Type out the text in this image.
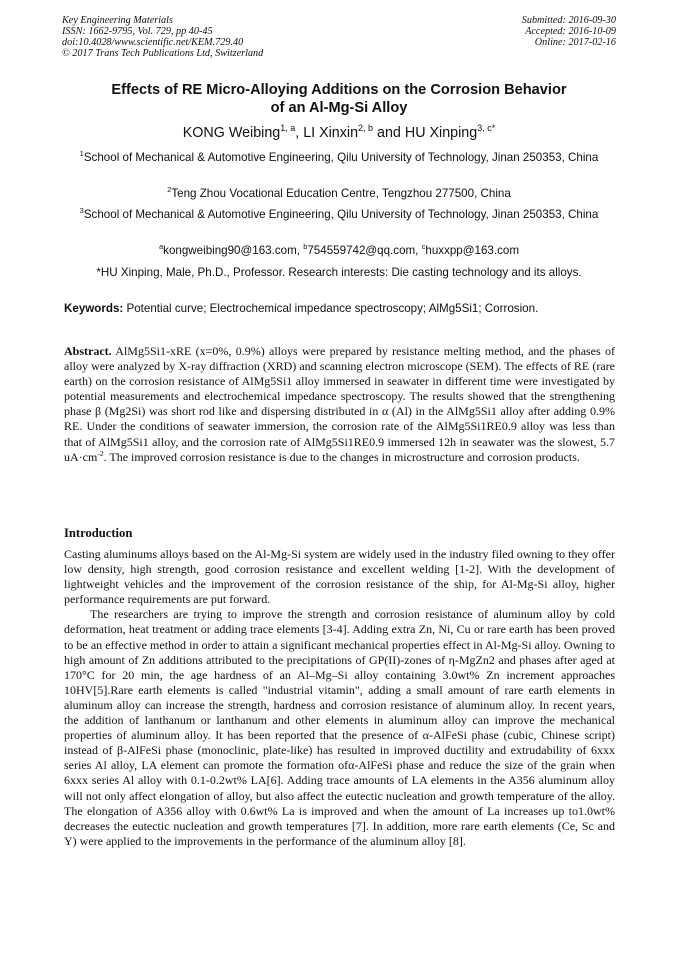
Key Engineering Materials
ISSN: 1662-9795, Vol. 729, pp 40-45
doi:10.4028/www.scientific.net/KEM.729.40
© 2017 Trans Tech Publications Ltd, Switzerland
Submitted: 2016-09-30
Accepted: 2016-10-09
Online: 2017-02-16
Effects of RE Micro-Alloying Additions on the Corrosion Behavior
of an Al-Mg-Si Alloy
KONG Weibing$^{1, a}$, LI Xinxin$^{2, b}$ and HU Xinping$^{3, c*}$
$^1$School of Mechanical & Automotive Engineering, Qilu University of Technology, Jinan 250353, China
$^2$Teng Zhou Vocational Education Centre, Tengzhou 277500, China
$^3$School of Mechanical & Automotive Engineering, Qilu University of Technology, Jinan 250353, China
$^a$kongweibing90@163.com, $^b$754559742@qq.com, $^c$huxxpp@163.com
*HU Xinping, Male, Ph.D., Professor. Research interests: Die casting technology and its alloys.
Keywords: Potential curve; Electrochemical impedance spectroscopy; AlMg5Si1; Corrosion.
Abstract. AlMg5Si1-xRE (x=0%, 0.9%) alloys were prepared by resistance melting method, and the phases of alloy were analyzed by X-ray diffraction (XRD) and scanning electron microscope (SEM). The effects of RE (rare earth) on the corrosion resistance of AlMg5Si1 alloy immersed in seawater in different time were investigated by potential measurements and electrochemical impedance spectroscopy. The results showed that the strengthening phase β (Mg2Si) was short rod like and dispersing distributed in α (Al) in the AlMg5Si1 alloy after adding 0.9% RE. Under the conditions of seawater immersion, the corrosion rate of the AlMg5Si1RE0.9 alloy was less than that of AlMg5Si1 alloy, and the corrosion rate of AlMg5Si1RE0.9 immersed 12h in seawater was the slowest, 5.7 $uA\cdot cm^{-2}$. The improved corrosion resistance is due to the changes in microstructure and corrosion products.
Introduction

Casting aluminums alloys based on the Al-Mg-Si system are widely used in the industry filed owning to they offer low density, high strength, good corrosion resistance and excellent welding [1-2]. With the development of lightweight vehicles and the improvement of the corrosion resistance of the ship, for Al-Mg-Si alloy, higher performance requirements are put forward.

The researchers are trying to improve the strength and corrosion resistance of aluminum alloy by cold deformation, heat treatment or adding trace elements [3-4]. Adding extra Zn, Ni, Cu or rare earth has been proved to be an effective method in order to attain a significant mechanical properties effect in Al-Mg-Si alloy. Owning to high amount of Zn additions attributed to the precipitations of GP(II)-zones of η-MgZn2 and phases after aged at 170°C for 20 min, the age hardness of an Al–Mg–Si alloy containing 3.0wt% Zn increment approaches 10HV[5].Rare earth elements is called "industrial vitamin", adding a small amount of rare earth elements in aluminum alloy can increase the strength, hardness and corrosion resistance of aluminum alloy. In recent years, the addition of lanthanum or lanthanum and other elements in aluminum alloy can improve the mechanical properties of aluminum alloy. It has been reported that the presence of α-AlFeSi phase (cubic, Chinese script) instead of β-AlFeSi phase (monoclinic, plate-like) has resulted in improved ductility and extrudability of 6xxx series Al alloy, LA element can promote the formation ofα-AlFeSi phase and reduce the size of the grain when 6xxx series Al alloy with 0.1-0.2wt% LA[6]. Adding trace amounts of LA elements in the A356 aluminum alloy will not only affect elongation of alloy, but also affect the eutectic nucleation and growth temperature of the alloy. The elongation of A356 alloy with 0.6wt% La is improved and when the amount of La increases up to1.0wt% decreases the eutectic nucleation and growth temperatures [7]. In addition, more rare earth elements (Ce, Sc and Y) were applied to the improvements in the performance of the aluminum alloy [8].
